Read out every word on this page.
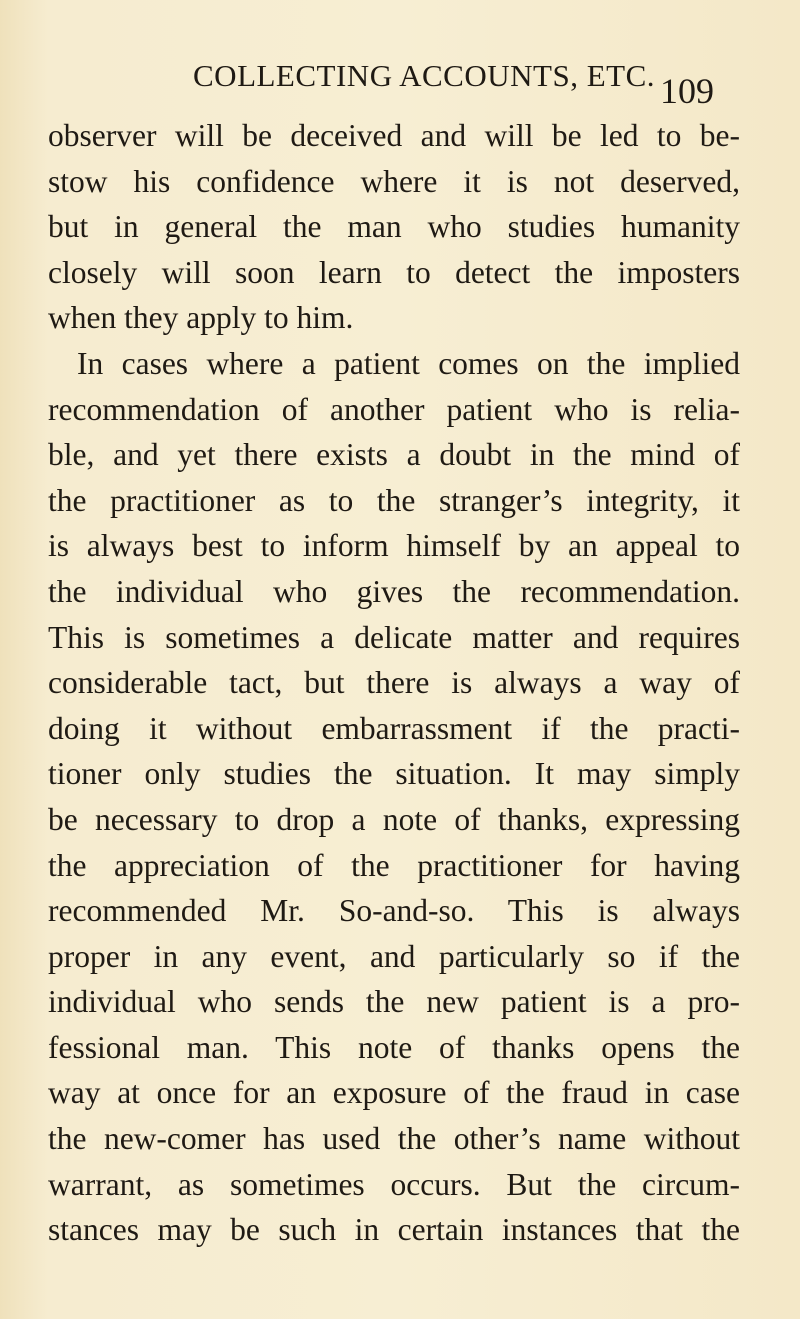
COLLECTING ACCOUNTS, ETC. 109
observer will be deceived and will be led to be-
stow his confidence where it is not deserved,
but in general the man who studies humanity
closely will soon learn to detect the imposters
when they apply to him.
In cases where a patient comes on the implied
recommendation of another patient who is relia-
ble, and yet there exists a doubt in the mind of
the practitioner as to the stranger’s integrity, it
is always best to inform himself by an appeal to
the individual who gives the recommendation.
This is sometimes a delicate matter and requires
considerable tact, but there is always a way of
doing it without embarrassment if the practi-
tioner only studies the situation. It may simply
be necessary to drop a note of thanks, expressing
the appreciation of the practitioner for having
recommended Mr. So-and-so. This is always
proper in any event, and particularly so if the
individual who sends the new patient is a pro-
fessional man. This note of thanks opens the
way at once for an exposure of the fraud in case
the new-comer has used the other’s name without
warrant, as sometimes occurs. But the circum-
stances may be such in certain instances that the
